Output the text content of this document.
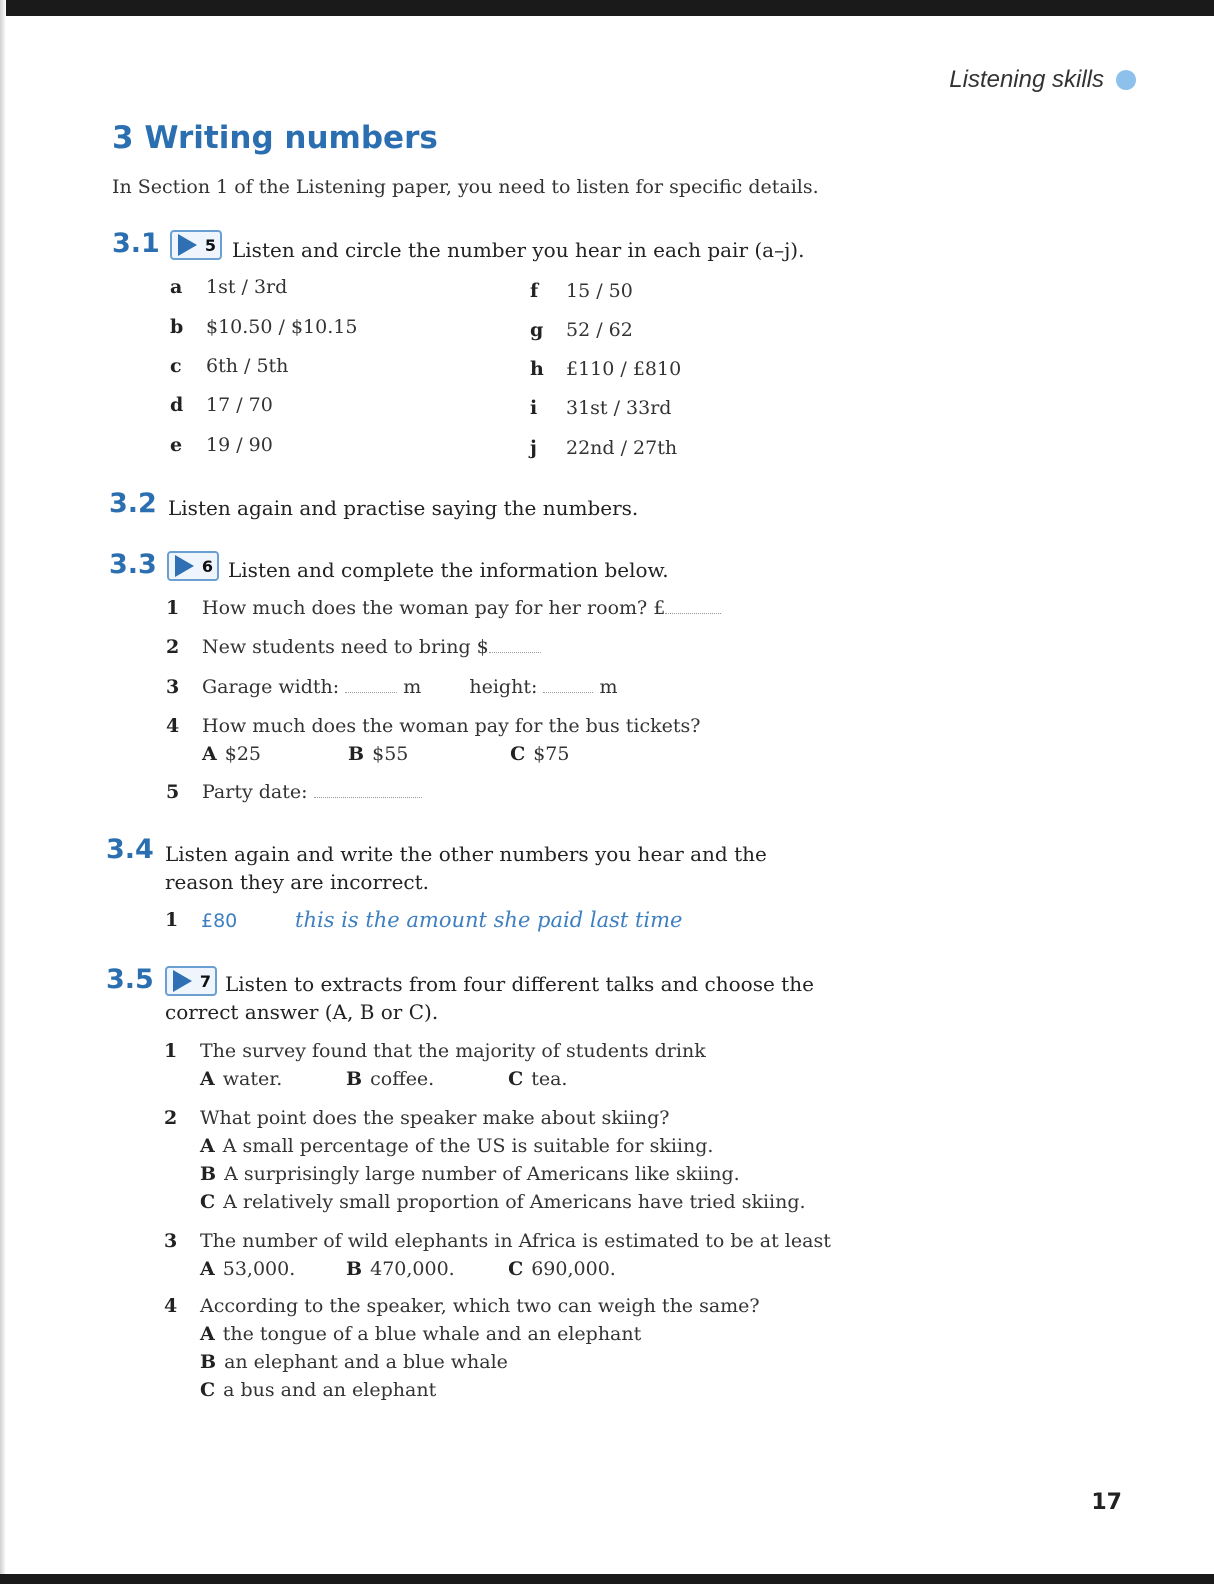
Listening skills
3 Writing numbers
In Section 1 of the Listening paper, you need to listen for specific details.
3.1	5 Listen and circle the number you hear in each pair (a–j).
a 1st / 3rd
b $10.50 / $10.15
c 6th / 5th
d 17 / 70
e 19 / 90
f 15 / 50
g 52 / 62
h £110 / £810
i 31st / 33rd
j 22nd / 27th
3.2 Listen again and practise saying the numbers.
3.3	6 Listen and complete the information below.
1 How much does the woman pay for her room? £
2 New students need to bring $
3 Garage width:	m	height:	m
4 How much does the woman pay for the bus tickets?
A $25	B $55	C $75
5 Party date:
3.4 Listen again and write the other numbers you hear and the
reason they are incorrect.
1 £80	this is the amount she paid last time
3.5	7 Listen to extracts from four different talks and choose the
correct answer (A, B or C).
1 The survey found that the majority of students drink
A water.	B coffee.	C tea.
2 What point does the speaker make about skiing?
A A small percentage of the US is suitable for skiing.
B A surprisingly large number of Americans like skiing.
C A relatively small proportion of Americans have tried skiing.
3 The number of wild elephants in Africa is estimated to be at least
A 53,000.	B 470,000.	C 690,000.
4 According to the speaker, which two can weigh the same?
A the tongue of a blue whale and an elephant
B an elephant and a blue whale
C a bus and an elephant
17
